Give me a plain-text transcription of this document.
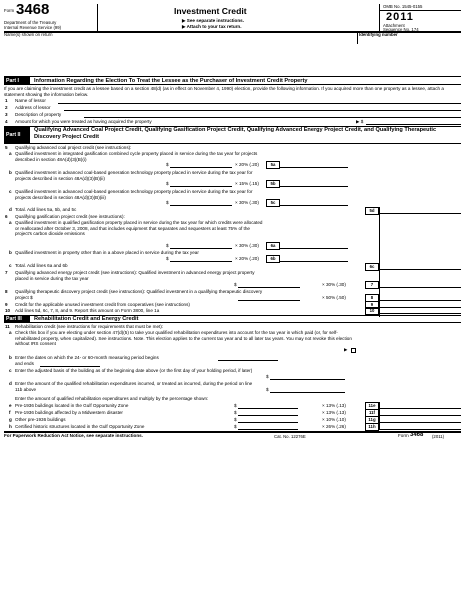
Form 3468
Department of the Treasury
Internal Revenue Service (99)
Investment Credit
▶ See separate instructions.
▶ Attach to your tax return.
OMB No. 1545-0155
2011
Attachment
Sequence No. 174
Name(s) shown on return	Identifying number
Part I	Information Regarding the Election To Treat the Lessee as the Purchaser of Investment Credit Property
If you are claiming the investment credit as a lessee based on a section 48(d) (as in effect on November 4, 1990) election, provide the following information. If you acquired more than one property as a lessee, attach a statement showing the information below.
1 Name of lessor
2 Address of lessor
3 Description of property
4 Amount for which you were treated as having acquired the property	▶ $
Part II
Qualifying Advanced Coal Project Credit, Qualifying Gasification Project Credit, Qualifying Advanced Energy Project Credit, and Qualifying Therapeutic Discovery Project Credit
5 Qualifying advanced coal project credit (see instructions):
a Qualified investment in integrated gasification combined cycle property placed in service during the tax year for projects described in section 48A(d)(3)(B)(i)
$	× 20% (.20)	5a
b Qualified investment in advanced coal-based generation technology property placed in service during the tax year for projects described in section 48A(d)(3)(B)(ii)
$	× 15% (.15)	5b
c Qualified investment in advanced coal-based generation technology property placed in service during the tax year for projects described in section 48A(d)(3)(B)(iii)
$	× 30% (.30)	5c
d Total. Add lines 5a, 5b, and 5c	5d
6 Qualifying gasification project credit (see instructions):
a Qualified investment in qualified gasification property placed in service during the tax year for which credits were allocated or reallocated after October 3, 2008, and that includes equipment that separates and sequesters at least 75% of the project's carbon dioxide emissions
$	× 30% (.30)	6a
b Qualified investment in property other than in a above placed in service during the tax year
$	× 20% (.20)	6b
c Total. Add lines 6a and 6b	6c
7 Qualifying advanced energy project credit (see instructions): Qualified investment in advanced energy project property placed in service during the tax year
$	× 30% (.30)	7
8 Qualifying therapeutic discovery project credit (see instructions): Qualified investment in a qualifying therapeutic discovery project $	× 50% (.50)	8
9 Credit for the applicable unused investment credit from cooperatives (see instructions)	9
10 Add lines 5d, 6c, 7, 8, and 9. Report this amount on Form 3800, line 1a	10
Part III	Rehabilitation Credit and Energy Credit
11 Rehabilitation credit (see instructions for requirements that must be met):
a Check this box if you are electing under section 47(d)(5) to take your qualified rehabilitation expenditures into account for the tax year in which paid (or, for self-rehabilitated property, when capitalized). See instructions. Note. This election applies to the current tax year and to all later tax years. You may not revoke this election without IRS consent
▶
b Enter the dates on which the 24- or 60-month measuring period begins
and ends
c Enter the adjusted basis of the building as of the beginning date above (or the first day of your holding period, if later)
$
d Enter the amount of the qualified rehabilitation expenditures incurred, or treated as incurred, during the period on line 11b above	$
Enter the amount of qualified rehabilitation expenditures and multiply by the percentage shown:
e Pre-1936 buildings located in the Gulf Opportunity Zone	$	× 13% (.13)	11e
f Pre-1936 buildings affected by a Midwestern disaster	$	× 13% (.13)	11f
g Other pre-1936 buildings	$	× 10% (.10)	11g
h Certified historic structures located in the Gulf Opportunity Zone	$	× 26% (.26)	11h
For Paperwork Reduction Act Notice, see separate instructions.	Cat. No. 12276E	Form 3468 (2011)
